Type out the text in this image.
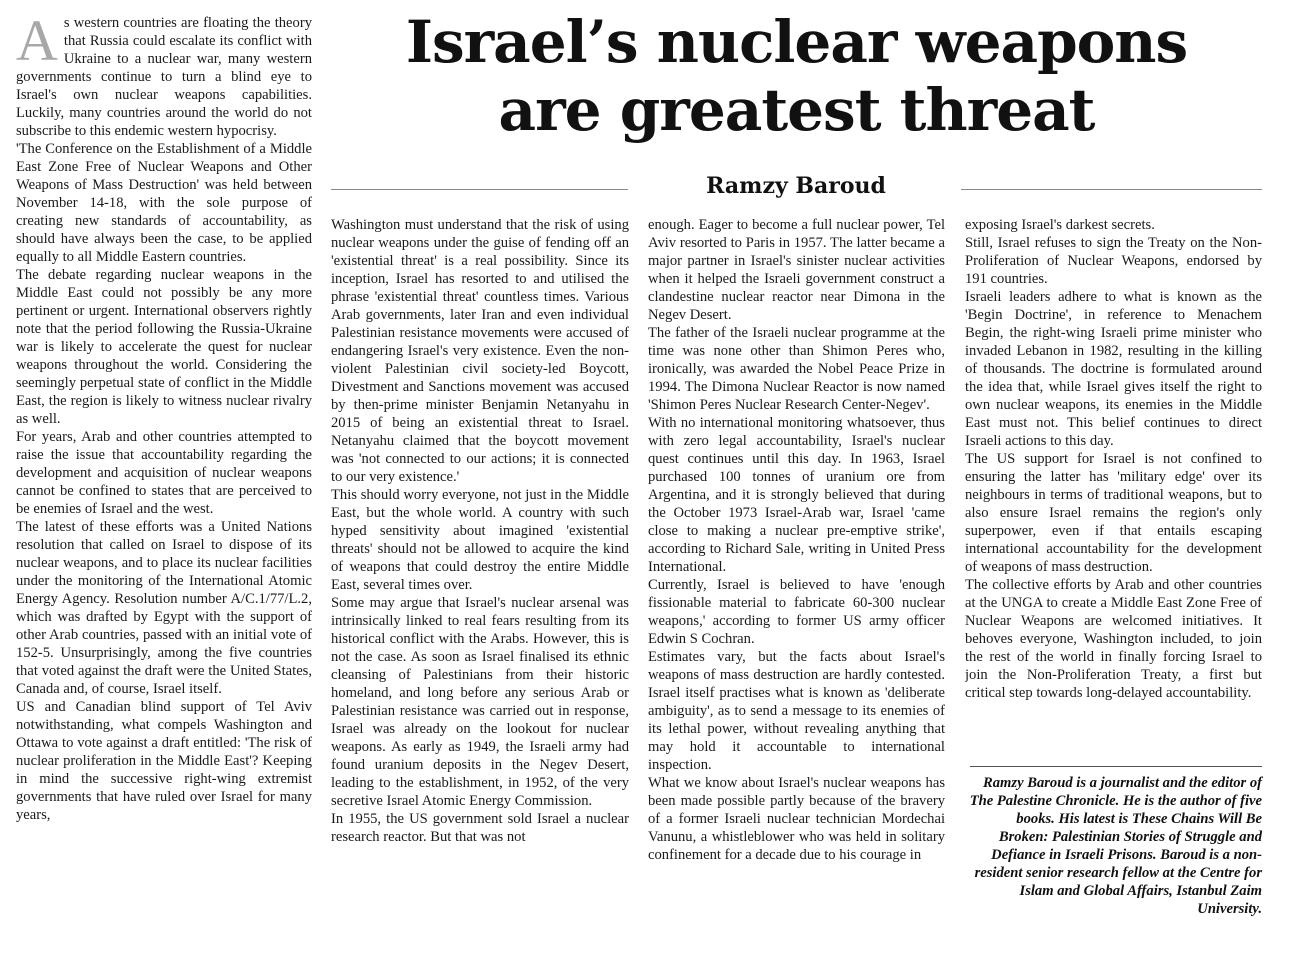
A s western countries are floating the theory that Russia could escalate its conflict with Ukraine to a nuclear war, many western governments continue to turn a blind eye to Israel's own nuclear weapons capabilities. Luckily, many countries around the world do not subscribe to this endemic western hypocrisy.

'The Conference on the Establishment of a Middle East Zone Free of Nuclear Weapons and Other Weapons of Mass Destruction' was held between November 14-18, with the sole purpose of creating new standards of accountability, as should have always been the case, to be applied equally to all Middle Eastern countries.

The debate regarding nuclear weapons in the Middle East could not possibly be any more pertinent or urgent. International observers rightly note that the period following the Russia-Ukraine war is likely to accelerate the quest for nuclear weapons throughout the world. Considering the seemingly perpetual state of conflict in the Middle East, the region is likely to witness nuclear rivalry as well.

For years, Arab and other countries attempted to raise the issue that accountability regarding the development and acquisition of nuclear weapons cannot be confined to states that are perceived to be enemies of Israel and the west.

The latest of these efforts was a United Nations resolution that called on Israel to dispose of its nuclear weapons, and to place its nuclear facilities under the monitoring of the International Atomic Energy Agency. Resolution number A/C.1/77/L.2, which was drafted by Egypt with the support of other Arab countries, passed with an initial vote of 152-5. Unsurprisingly, among the five countries that voted against the draft were the United States, Canada and, of course, Israel itself.

US and Canadian blind support of Tel Aviv notwithstanding, what compels Washington and Ottawa to vote against a draft entitled: 'The risk of nuclear proliferation in the Middle East'? Keeping in mind the successive right-wing extremist governments that have ruled over Israel for many years,

Israel’s nuclear weapons
are greatest threat
Ramzy Baroud

Washington must understand that the risk of using nuclear weapons under the guise of fending off an 'existential threat' is a real possibility. Since its inception, Israel has resorted to and utilised the phrase 'existential threat' countless times. Various Arab governments, later Iran and even individual Palestinian resistance movements were accused of endangering Israel's very existence. Even the non-violent Palestinian civil society-led Boycott, Divestment and Sanctions movement was accused by then-prime minister Benjamin Netanyahu in 2015 of being an existential threat to Israel. Netanyahu claimed that the boycott movement was 'not connected to our actions; it is connected to our very existence.'

This should worry everyone, not just in the Middle East, but the whole world. A country with such hyped sensitivity about imagined 'existential threats' should not be allowed to acquire the kind of weapons that could destroy the entire Middle East, several times over.

Some may argue that Israel's nuclear arsenal was intrinsically linked to real fears resulting from its historical conflict with the Arabs. However, this is not the case. As soon as Israel finalised its ethnic cleansing of Palestinians from their historic homeland, and long before any serious Arab or Palestinian resistance was carried out in response, Israel was already on the lookout for nuclear weapons. As early as 1949, the Israeli army had found uranium deposits in the Negev Desert, leading to the establishment, in 1952, of the very secretive Israel Atomic Energy Commission.

In 1955, the US government sold Israel a nuclear research reactor. But that was not

enough. Eager to become a full nuclear power, Tel Aviv resorted to Paris in 1957. The latter became a major partner in Israel's sinister nuclear activities when it helped the Israeli government construct a clandestine nuclear reactor near Dimona in the Negev Desert.

The father of the Israeli nuclear programme at the time was none other than Shimon Peres who, ironically, was awarded the Nobel Peace Prize in 1994. The Dimona Nuclear Reactor is now named 'Shimon Peres Nuclear Research Center-Negev'.

With no international monitoring whatsoever, thus with zero legal accountability, Israel's nuclear quest continues until this day. In 1963, Israel purchased 100 tonnes of uranium ore from Argentina, and it is strongly believed that during the October 1973 Israel-Arab war, Israel 'came close to making a nuclear pre-emptive strike', according to Richard Sale, writing in United Press International.

Currently, Israel is believed to have 'enough fissionable material to fabricate 60-300 nuclear weapons,' according to former US army officer Edwin S Cochran.

Estimates vary, but the facts about Israel's weapons of mass destruction are hardly contested. Israel itself practises what is known as 'deliberate ambiguity', as to send a message to its enemies of its lethal power, without revealing anything that may hold it accountable to international inspection.

What we know about Israel's nuclear weapons has been made possible partly because of the bravery of a former Israeli nuclear technician Mordechai Vanunu, a whistleblower who was held in solitary confinement for a decade due to his courage in

exposing Israel's darkest secrets.

Still, Israel refuses to sign the Treaty on the Non-Proliferation of Nuclear Weapons, endorsed by 191 countries.

Israeli leaders adhere to what is known as the 'Begin Doctrine', in reference to Menachem Begin, the right-wing Israeli prime minister who invaded Lebanon in 1982, resulting in the killing of thousands. The doctrine is formulated around the idea that, while Israel gives itself the right to own nuclear weapons, its enemies in the Middle East must not. This belief continues to direct Israeli actions to this day.

The US support for Israel is not confined to ensuring the latter has 'military edge' over its neighbours in terms of traditional weapons, but to also ensure Israel remains the region's only superpower, even if that entails escaping international accountability for the development of weapons of mass destruction.

The collective efforts by Arab and other countries at the UNGA to create a Middle East Zone Free of Nuclear Weapons are welcomed initiatives. It behoves everyone, Washington included, to join the rest of the world in finally forcing Israel to join the Non-Proliferation Treaty, a first but critical step towards long-delayed accountability.

Ramzy Baroud is a journalist and the editor of The Palestine Chronicle. He is the author of five books. His latest is These Chains Will Be Broken: Palestinian Stories of Struggle and Defiance in Israeli Prisons. Baroud is a non-resident senior research fellow at the Centre for Islam and Global Affairs, Istanbul Zaim University.
